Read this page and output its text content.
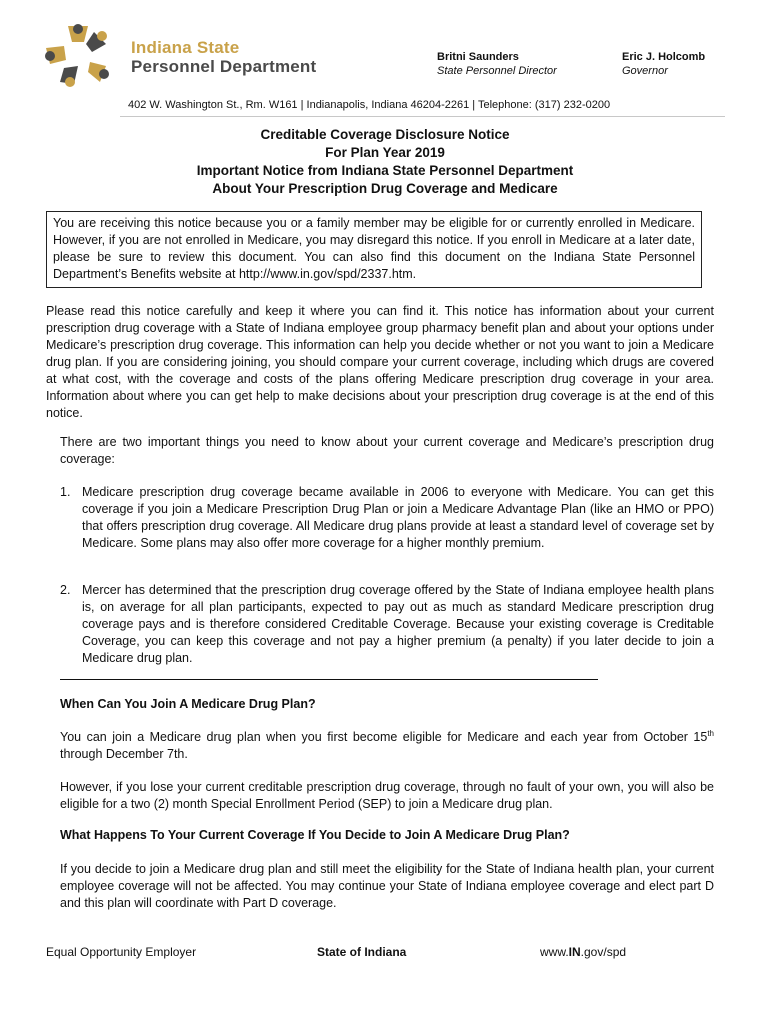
Indiana State
Personnel Department	Britni Saunders
State Personnel Director
Eric J. Holcomb
Governor
402 W. Washington St., Rm. W161 | Indianapolis, Indiana 46204-2261 | Telephone: (317) 232-0200
Creditable Coverage Disclosure Notice
For Plan Year 2019
Important Notice from Indiana State Personnel Department
About Your Prescription Drug Coverage and Medicare
You are receiving this notice because you or a family member may be eligible for or currently enrolled in Medicare. However, if you are not enrolled in Medicare, you may disregard this notice. If you enroll in Medicare at a later date, please be sure to review this document. You can also find this document on the Indiana State Personnel Department’s Benefits website at http://www.in.gov/spd/2337.htm.
Please read this notice carefully and keep it where you can find it. This notice has information about your current prescription drug coverage with a State of Indiana employee group pharmacy benefit plan and about your options under Medicare’s prescription drug coverage. This information can help you decide whether or not you want to join a Medicare drug plan. If you are considering joining, you should compare your current coverage, including which drugs are covered at what cost, with the coverage and costs of the plans offering Medicare prescription drug coverage in your area. Information about where you can get help to make decisions about your prescription drug coverage is at the end of this notice.
There are two important things you need to know about your current coverage and Medicare’s prescription drug coverage:
1. Medicare prescription drug coverage became available in 2006 to everyone with Medicare. You can get this coverage if you join a Medicare Prescription Drug Plan or join a Medicare Advantage Plan (like an HMO or PPO) that offers prescription drug coverage. All Medicare drug plans provide at least a standard level of coverage set by Medicare. Some plans may also offer more coverage for a higher monthly premium.
2. Mercer has determined that the prescription drug coverage offered by the State of Indiana employee health plans is, on average for all plan participants, expected to pay out as much as standard Medicare prescription drug coverage pays and is therefore considered Creditable Coverage. Because your existing coverage is Creditable Coverage, you can keep this coverage and not pay a higher premium (a penalty) if you later decide to join a Medicare drug plan.
When Can You Join A Medicare Drug Plan?
You can join a Medicare drug plan when you first become eligible for Medicare and each year from October 15th through December 7th.
However, if you lose your current creditable prescription drug coverage, through no fault of your own, you will also be eligible for a two (2) month Special Enrollment Period (SEP) to join a Medicare drug plan.
What Happens To Your Current Coverage If You Decide to Join A Medicare Drug Plan?
If you decide to join a Medicare drug plan and still meet the eligibility for the State of Indiana health plan, your current employee coverage will not be affected. You may continue your State of Indiana employee coverage and elect part D and this plan will coordinate with Part D coverage.
Equal Opportunity Employer	State of Indiana	www.IN.gov/spd
